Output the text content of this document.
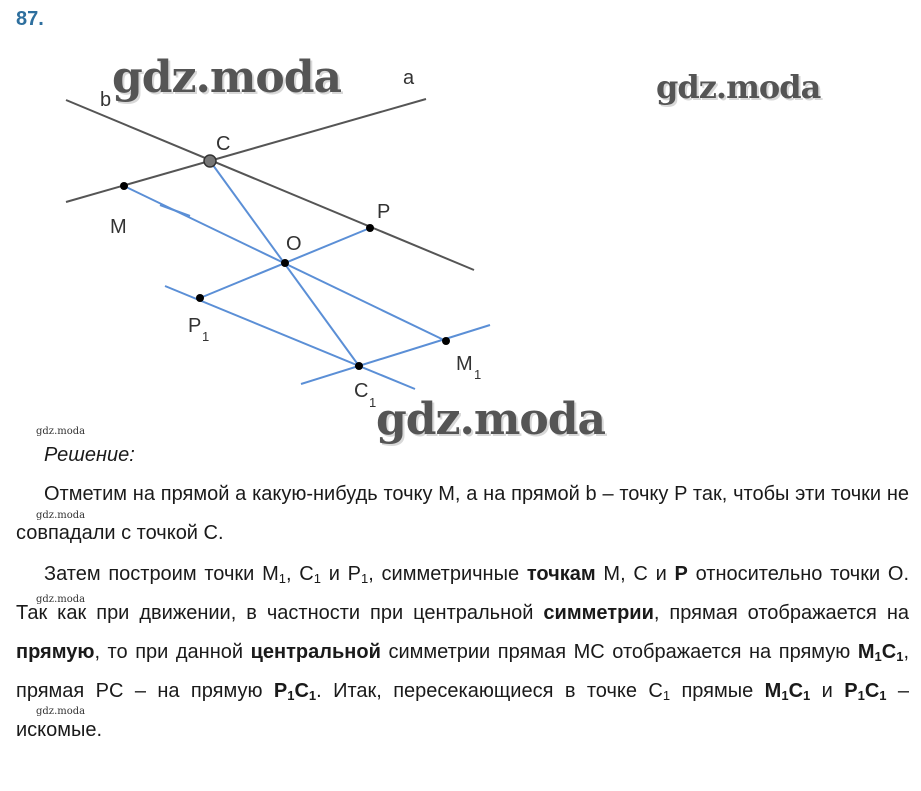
87.
a
b
C
M
P
O
P 1
M 1
C
1
gdz.moda	gdz.moda
gdz.moda
gdz.moda
gdz.moda
gdz.moda
gdz.moda
Решение:

Отметим на прямой a какую-нибудь точку M, а на прямой b – точку P так, чтобы эти точки не совпадали с точкой C.

Затем построим точки $M_1$, $C_1$ и $P_1$, симметричные точкам M, C и P относительно точки O. Так как при движении, в частности при центральной симметрии, прямая отображается на прямую, то при данной центральной симметрии прямая MC отображается на прямую $M_1C_1$, прямая PC – на прямую $P_1C_1$. Итак, пересекающиеся в точке $C_1$ прямые $M_1C_1$ и $P_1C_1$ – искомые.
